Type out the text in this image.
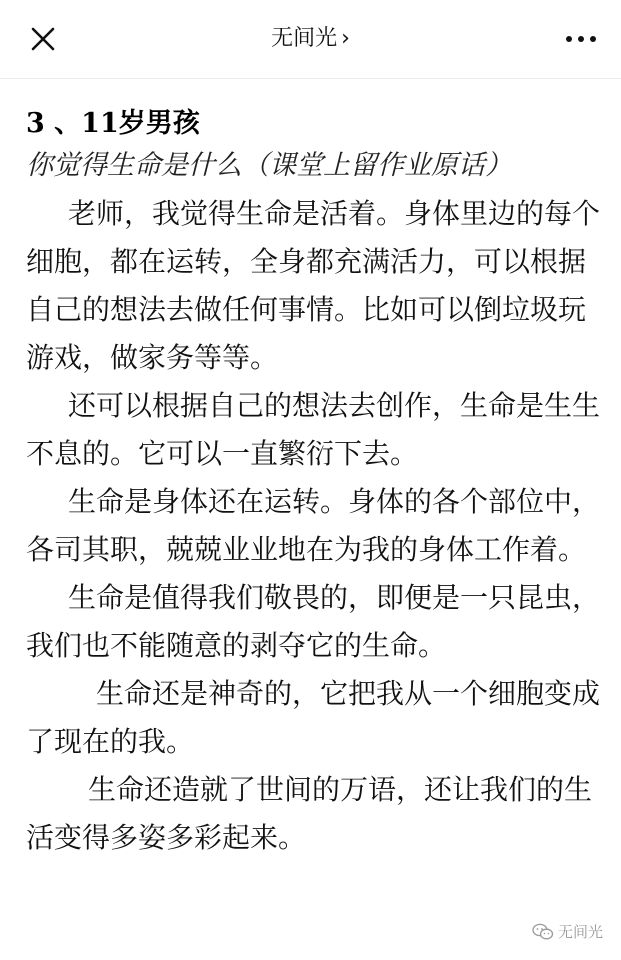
无间光 ›

3 、11岁男孩

你觉得生命是什么（课堂上留作业原话）

老师，我觉得生命是活着。身体里边的每个细胞，都在运转，全身都充满活力，可以根据自己的想法去做任何事情。比如可以倒垃圾玩游戏，做家务等等。

还可以根据自己的想法去创作，生命是生生不息的。它可以一直繁衍下去。

生命是身体还在运转。身体的各个部位中，各司其职，兢兢业业地在为我的身体工作着。

生命是值得我们敬畏的，即便是一只昆虫，我们也不能随意的剥夺它的生命。

生命还是神奇的，它把我从一个细胞变成了现在的我。

生命还造就了世间的万语，还让我们的生活变得多姿多彩起来。

无间光
